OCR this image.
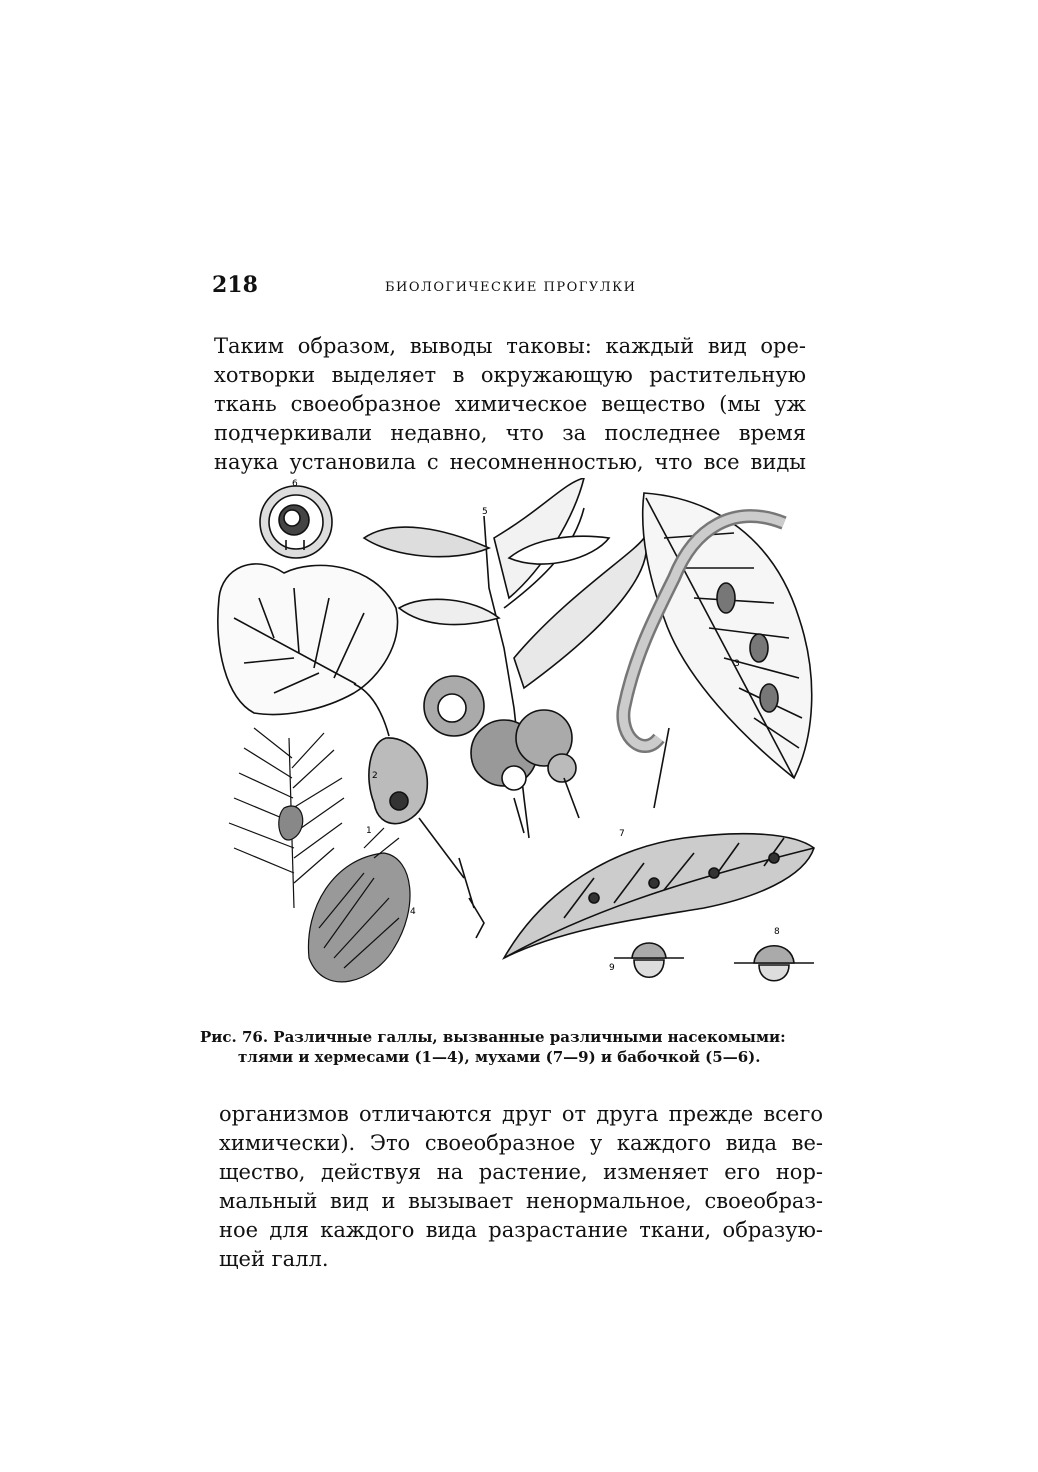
218	БИОЛОГИЧЕСКИЕ ПРОГУЛКИ
Таким образом, выводы таковы: каждый вид оре-
хотворки выделяет в окружающую растительную
ткань своеобразное химическое вещество (мы уж
подчеркивали недавно, что за последнее время
наука установила с несомненностью, что все виды
6
5
2
1
4
3
7
9
8
Рис. 76. Различные галлы, вызванные различными насекомыми:
тлями и хермесами (1—4), мухами (7—9) и бабочкой (5—6).
организмов отличаются друг от друга прежде всего
химически). Это своеобразное у каждого вида ве-
щество, действуя на растение, изменяет его нор-
мальный вид и вызывает ненормальное, своеобраз-
ное для каждого вида разрастание ткани, образую-
щей галл.
